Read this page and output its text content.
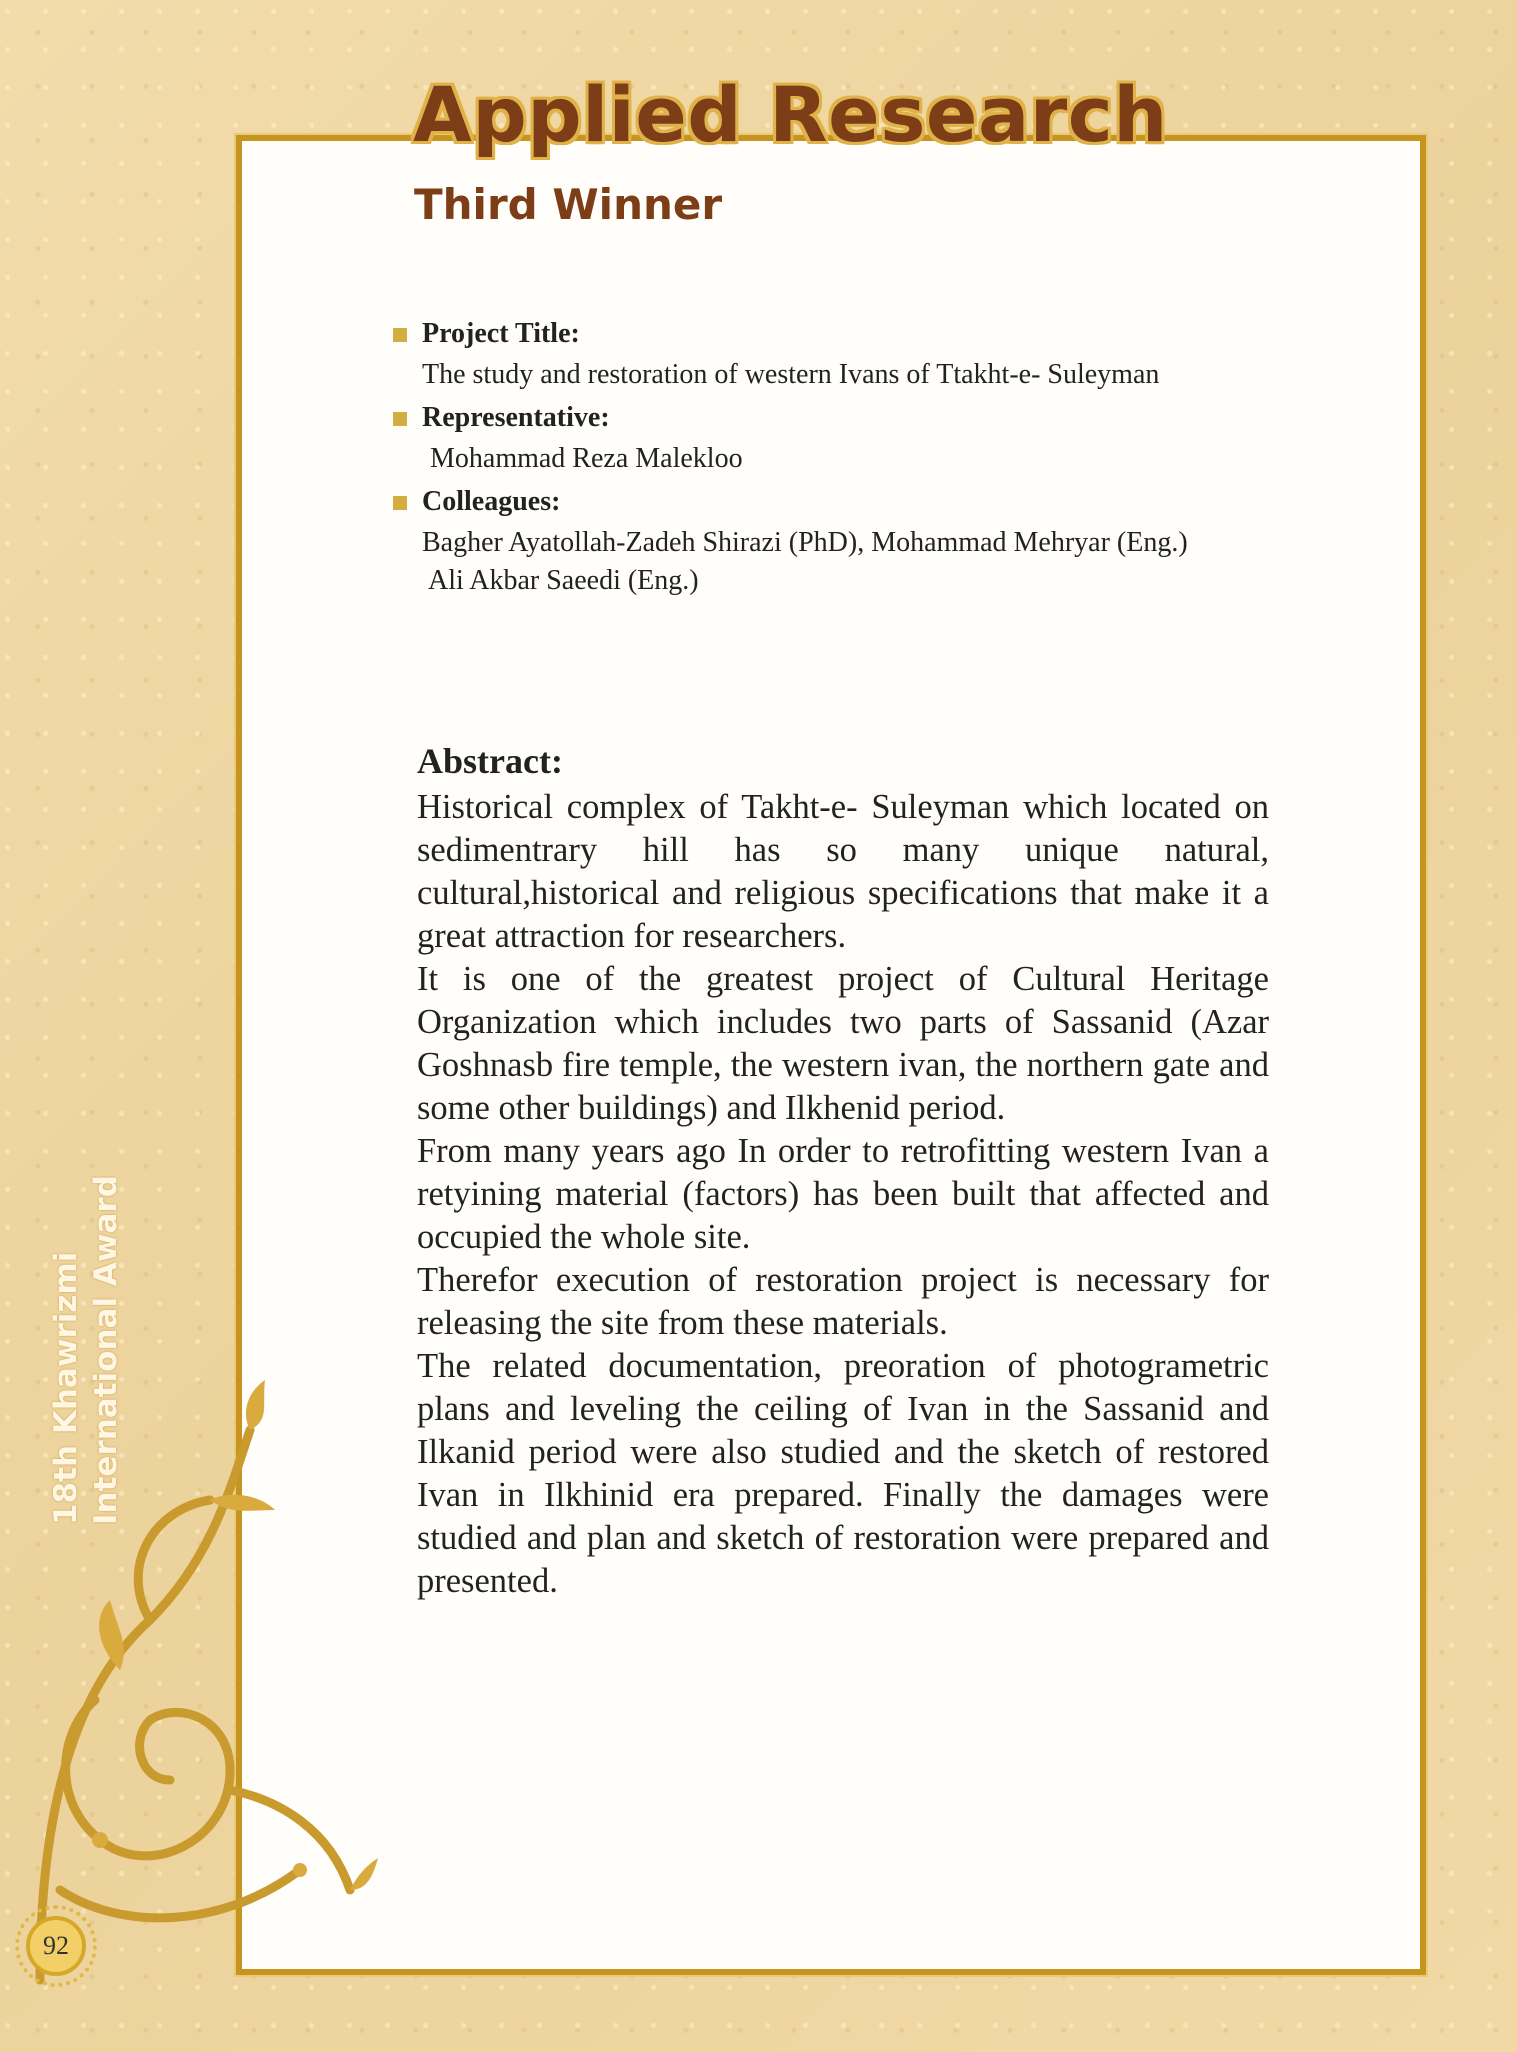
Applied Research
Third Winner
Project Title:
The study and restoration of western Ivans of Ttakht-e- Suleyman
Representative:
Mohammad Reza Malekloo
Colleagues:
Bagher Ayatollah-Zadeh Shirazi (PhD), Mohammad Mehryar (Eng.)
Ali Akbar Saeedi (Eng.)
Abstract:

Historical complex of Takht-e- Suleyman which located on sedimentrary hill has so many unique natural, cultural,historical and religious specifications that make it a great attraction for researchers.

It is one of the greatest project of Cultural Heritage Organization which includes two parts of Sassanid (Azar Goshnasb fire temple, the western ivan, the northern gate and some other buildings) and Ilkhenid period.

From many years ago In order to retrofitting western Ivan a retyining material (factors) has been built that affected and occupied the whole site.

Therefor execution of restoration project is necessary for releasing the site from these materials.

The related documentation, preoration of photogrametric plans and leveling the ceiling of Ivan in the Sassanid and Ilkanid period were also studied and the sketch of restored Ivan in Ilkhinid era prepared. Finally the damages were studied and plan and sketch of restoration were prepared and presented.

18th Khawrizmi International Award
92
